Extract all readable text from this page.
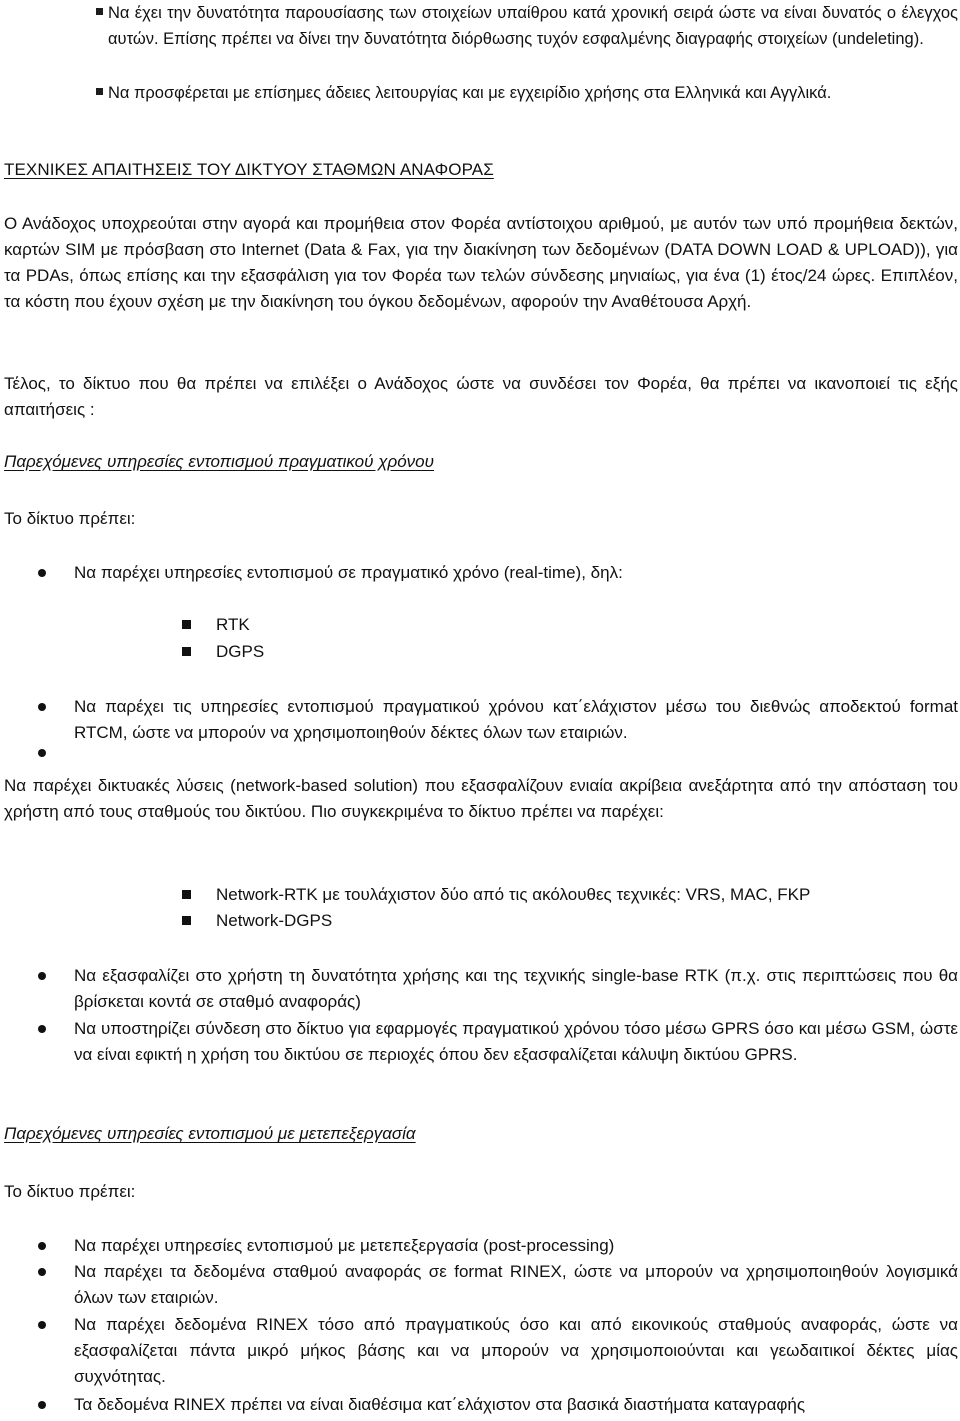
Να έχει την δυνατότητα παρουσίασης των στοιχείων υπαίθρου κατά χρονική σειρά ώστε να είναι δυνατός ο έλεγχος αυτών. Επίσης πρέπει να δίνει την δυνατότητα διόρθωσης τυχόν εσφαλμένης διαγραφής στοιχείων (undeleting).
Να προσφέρεται με επίσημες άδειες λειτουργίας και με εγχειρίδιο χρήσης στα Ελληνικά και Αγγλικά.
ΤΕΧΝΙΚΕΣ ΑΠΑΙΤΗΣΕΙΣ ΤΟΥ ΔΙΚΤΥΟΥ ΣΤΑΘΜΩΝ ΑΝΑΦΟΡΑΣ

Ο Ανάδοχος υποχρεούται στην αγορά και προμήθεια στον Φορέα αντίστοιχου αριθμού, με αυτόν των υπό προμήθεια δεκτών, καρτών SIM με πρόσβαση στο Internet (Data & Fax, για την διακίνηση των δεδομένων (DATA DOWN LOAD & UPLOAD)), για τα PDAs, όπως επίσης και την εξασφάλιση για τον Φορέα των τελών σύνδεσης μηνιαίως, για ένα (1) έτος/24 ώρες. Επιπλέον, τα κόστη που έχουν σχέση με την διακίνηση του όγκου δεδομένων, αφορούν την Αναθέτουσα Αρχή.

Τέλος, το δίκτυο που θα πρέπει να επιλέξει ο Ανάδοχος ώστε να συνδέσει τον Φορέα, θα πρέπει να ικανοποιεί τις εξής απαιτήσεις :

Παρεχόμενες υπηρεσίες εντοπισμού πραγματικού χρόνου

Το δίκτυο πρέπει:

Να παρέχει υπηρεσίες εντοπισμού σε πραγματικό χρόνο (real-time), δηλ:
RTK
DGPS
Να παρέχει τις υπηρεσίες εντοπισμού πραγματικού χρόνου κατ΄ελάχιστον μέσω του διεθνώς αποδεκτού format RTCM, ώστε να μπορούν να χρησιμοποιηθούν δέκτες όλων των εταιριών.

Να παρέχει δικτυακές λύσεις (network-based solution) που εξασφαλίζουν ενιαία ακρίβεια ανεξάρτητα από την απόσταση του χρήστη από τους σταθμούς του δικτύου. Πιο συγκεκριμένα το δίκτυο πρέπει να παρέχει:

Network-RTK με τουλάχιστον δύο από τις ακόλουθες τεχνικές: VRS, MAC, FKP
Network-DGPS
Να εξασφαλίζει στο χρήστη τη δυνατότητα χρήσης και της τεχνικής single-base RTK (π.χ. στις περιπτώσεις που θα βρίσκεται κοντά σε σταθμό αναφοράς)
Να υποστηρίζει σύνδεση στο δίκτυο για εφαρμογές πραγματικού χρόνου τόσο μέσω GPRS όσο και μέσω GSM, ώστε να είναι εφικτή η χρήση του δικτύου σε περιοχές όπου δεν εξασφαλίζεται κάλυψη δικτύου GPRS.
Παρεχόμενες υπηρεσίες εντοπισμού με μετεπεξεργασία

Το δίκτυο πρέπει:

Να παρέχει υπηρεσίες εντοπισμού με μετεπεξεργασία (post-processing)
Να παρέχει τα δεδομένα σταθμού αναφοράς σε format RINEX, ώστε να μπορούν να χρησιμοποιηθούν λογισμικά όλων των εταιριών.
Να παρέχει δεδομένα RINEX τόσο από πραγματικούς όσο και από εικονικούς σταθμούς αναφοράς, ώστε να εξασφαλίζεται πάντα μικρό μήκος βάσης και να μπορούν να χρησιμοποιούνται και γεωδαιτικοί δέκτες μίας συχνότητας.
Τα δεδομένα RINEX πρέπει να είναι διαθέσιμα κατ΄ελάχιστον στα βασικά διαστήματα καταγραφής
